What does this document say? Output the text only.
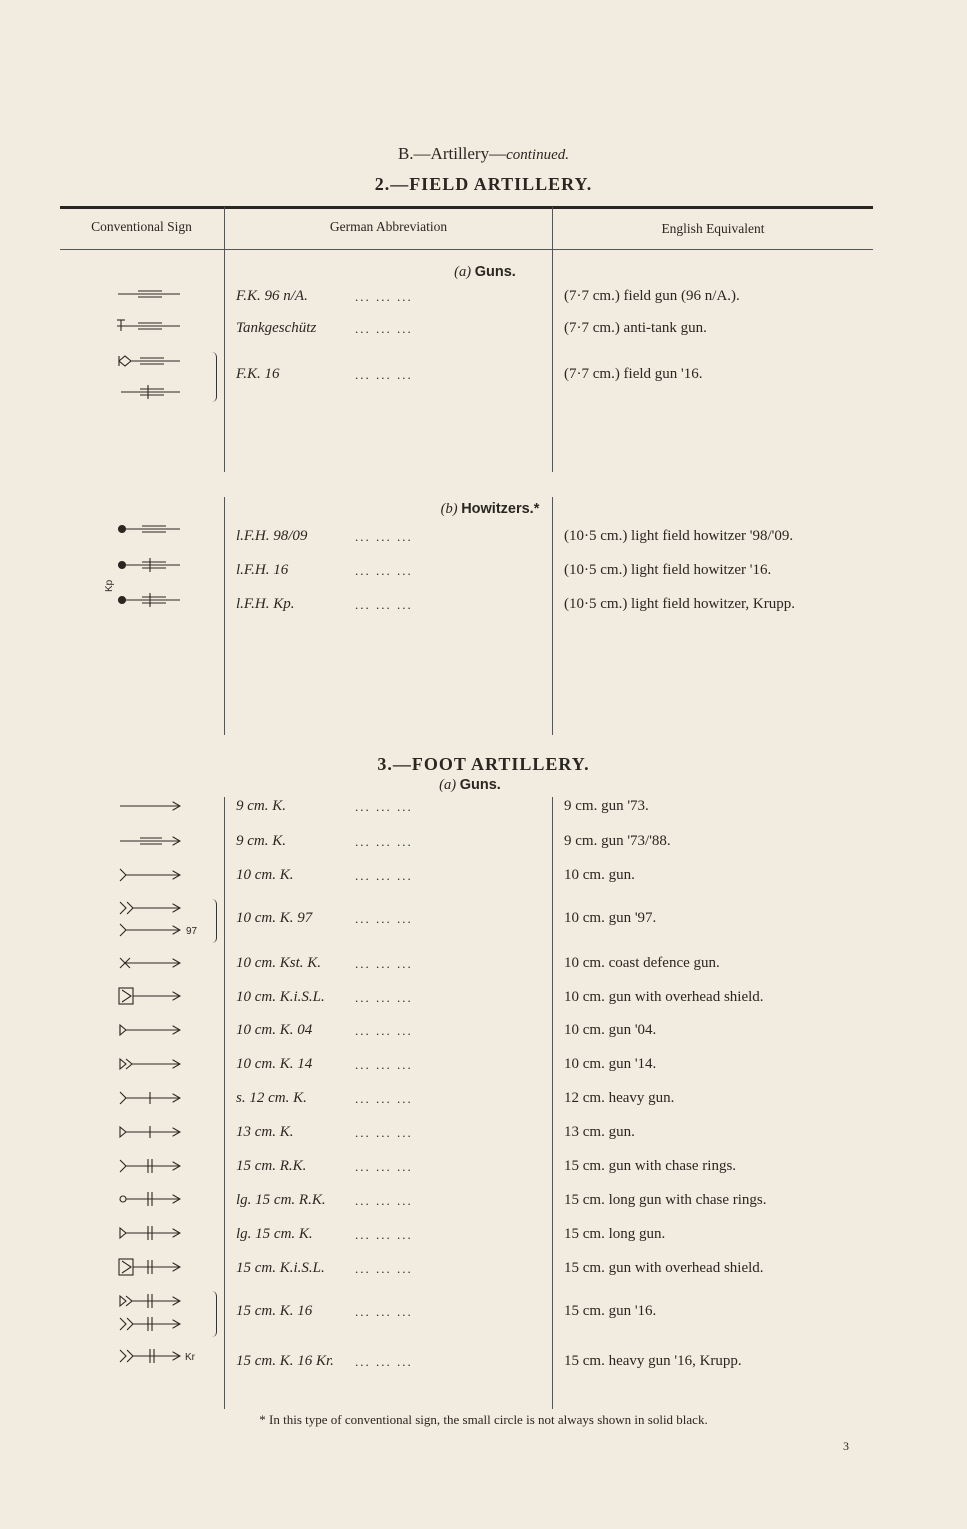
B.—Artillery—continued.
2.—FIELD ARTILLERY.
Conventional Sign	German Abbreviation	English Equivalent
(a) Guns.
F.K. 96 n/A.	... ... ...	(7·7 cm.) field gun (96 n/A.).
Tankgeschütz	... ... ...	(7·7 cm.) anti-tank gun.
F.K. 16	... ... ...	(7·7 cm.) field gun '16.
(b) Howitzers.*
l.F.H. 98/09	... ... ...	(10·5 cm.) light field howitzer '98/'09.
l.F.H. 16	... ... ...	(10·5 cm.) light field howitzer '16.
l.F.H. Kp.	... ... ...	(10·5 cm.) light field howitzer, Krupp.
3.—FOOT ARTILLERY.
(a) Guns.
9 cm. K.	... ... ...	9 cm. gun '73.
9 cm. K.	... ... ...	9 cm. gun '73/'88.
10 cm. K.	... ... ...	10 cm. gun.
10 cm. K. 97	... ... ...	10 cm. gun '97.
10 cm. Kst. K.	... ... ...	10 cm. coast defence gun.
10 cm. K.i.S.L. ... ... ...	10 cm. gun with overhead shield.
10 cm. K. 04	... ... ...	10 cm. gun '04.
10 cm. K. 14	... ... ...	10 cm. gun '14.
s. 12 cm. K.	... ... ...	12 cm. heavy gun.
13 cm. K.	... ... ...	13 cm. gun.
15 cm. R.K.	... ... ...	15 cm. gun with chase rings.
lg. 15 cm. R.K. ... ... ...	15 cm. long gun with chase rings.
lg. 15 cm. K.	... ... ...	15 cm. long gun.
15 cm. K.i.S.L. ... ... ...	15 cm. gun with overhead shield.
15 cm. K. 16	... ... ...	15 cm. gun '16.
15 cm. K. 16 Kr. ... ... ...	15 cm. heavy gun '16, Krupp.
Kp
97
Kr
* In this type of conventional sign, the small circle is not always shown in solid black.
3
